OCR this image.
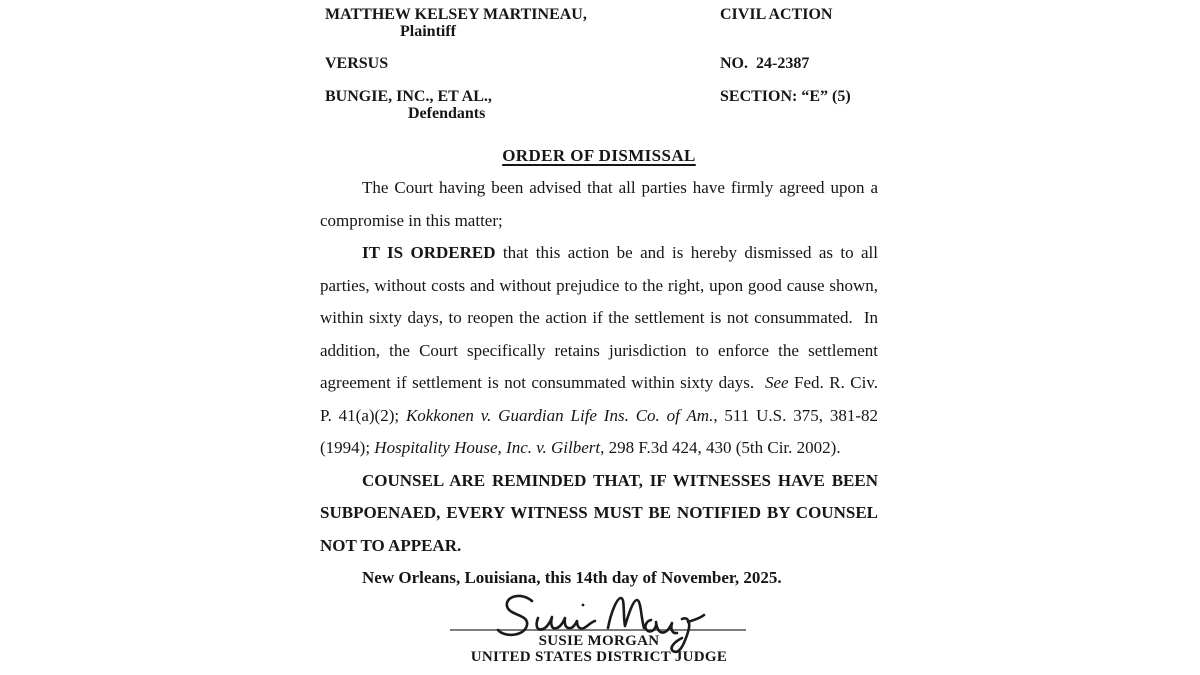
MATTHEW KELSEY MARTINEAU,
Plaintiff
VERSUS
BUNGIE, INC., ET AL.,
Defendants
CIVIL ACTION
NO.  24-2387
SECTION: “E” (5)
ORDER OF DISMISSAL

The Court having been advised that all parties have firmly agreed upon a compromise in this matter;

IT IS ORDERED that this action be and is hereby dismissed as to all parties, without costs and without prejudice to the right, upon good cause shown, within sixty days, to reopen the action if the settlement is not consummated.  In addition, the Court specifically retains jurisdiction to enforce the settlement agreement if settlement is not consummated within sixty days.  See Fed. R. Civ. P. 41(a)(2); Kokkonen v. Guardian Life Ins. Co. of Am., 511 U.S. 375, 381-82 (1994); Hospitality House, Inc. v. Gilbert, 298 F.3d 424, 430 (5th Cir. 2002).

COUNSEL ARE REMINDED THAT, IF WITNESSES HAVE BEEN SUBPOENAED, EVERY WITNESS MUST BE NOTIFIED BY COUNSEL NOT TO APPEAR.

New Orleans, Louisiana, this 14th day of November, 2025.

SUSIE MORGAN
UNITED STATES DISTRICT JUDGE
